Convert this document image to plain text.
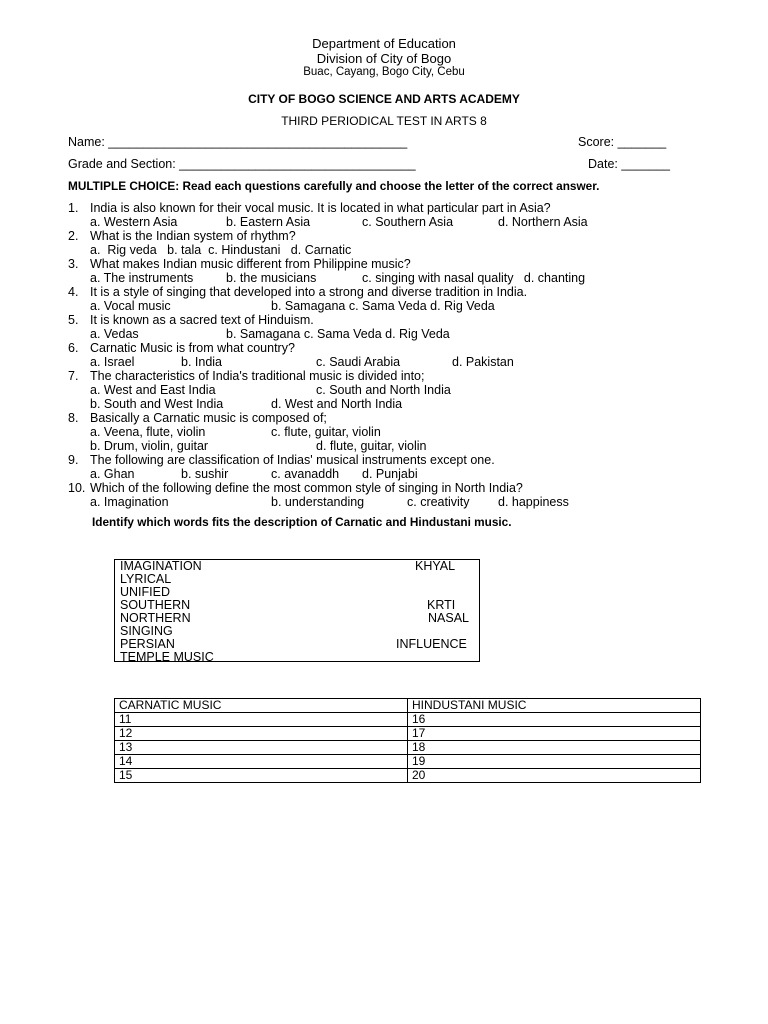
Department of Education
Division of City of Bogo
Buac, Cayang, Bogo City, Cebu
CITY OF BOGO SCIENCE AND ARTS ACADEMY
THIRD PERIODICAL TEST IN ARTS 8
Name: ___________________________________________	Score: _______
Grade and Section: __________________________________	Date: _______
MULTIPLE CHOICE: Read each questions carefully and choose the letter of the correct answer.
1. India is also known for their vocal music. It is located in what particular part in Asia?
a. Western Asia	b. Eastern Asia	c. Southern Asia	d. Northern Asia
2. What is the Indian system of rhythm?
a.  Rig veda   b. tala  c. Hindustani   d. Carnatic
3. What makes Indian music different from Philippine music?
a. The instruments	b. the musicians	c. singing with nasal quality   d. chanting
4. It is a style of singing that developed into a strong and diverse tradition in India.
a. Vocal music	b. Samagana c. Sama Veda d. Rig Veda
5. It is known as a sacred text of Hinduism.
a. Vedas	b. Samagana c. Sama Veda d. Rig Veda
6. Carnatic Music is from what country?
a. Israel	b. India	c. Saudi Arabia	d. Pakistan
7. The characteristics of India's traditional music is divided into;
a. West and East India	c. South and North India
b. South and West India	d. West and North India
8. Basically a Carnatic music is composed of;
a. Veena, flute, violin	c. flute, guitar, violin
b. Drum, violin, guitar	d. flute, guitar, violin
9. The following are classification of Indias' musical instruments except one.
a. Ghan	b. sushir	c. avanaddh d. Punjabi
10. Which of the following define the most common style of singing in North India?
a. Imagination	b. understanding	c. creativity d. happiness
Identify which words fits the description of Carnatic and Hindustani music.
IMAGINATION
LYRICAL
UNIFIED
SOUTHERN
NORTHERN
SINGING
PERSIAN
TEMPLE MUSIC
KHYAL
KRTI
NASAL
INFLUENCE
CARNATIC MUSIC	HINDUSTANI MUSIC
11	16
12	17
13	18
14	19
15	20
